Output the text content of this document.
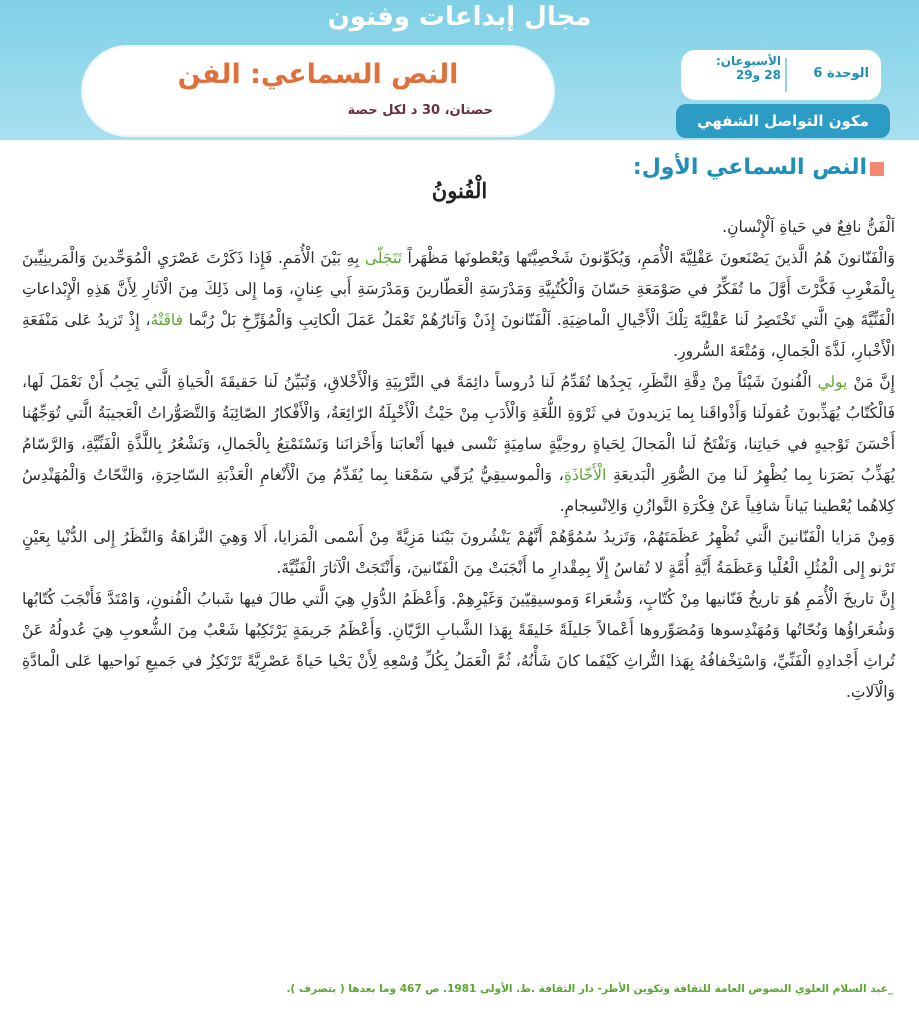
مجال إبداعات وفنون
النص السماعي: الفن
حصتان، 30 د لكل حصة
الوحدة 6
الأسبوعان:
28 و29
مكون التواصل الشفهي
النص السماعي الأول:
الْفُنونُ

اَلْفَنُّ نافِعٌ في حَياةِ اَلْإِنْسانِ.

وَالْفَنّانونَ هُمُ الَّذينَ يَصْنَعونَ عَقْلِيَّةَ الْأُمَمِ، وَيُكَوِّنونَ شَخْصِيَّتَها وَيُعْطونَها مَظْهَراً تَتَجَلّى بِهِ بَيْنَ الْأُمَمِ. فَإِذا ذَكَرْتَ عَصْرَيِ الْمُوَحِّدينَ وَالْمَرينِيِّينَ بِالْمَغْرِبِ فَكَّرْتَ أَوَّلَ ما تُفَكِّرُ في صَوْمَعَةِ حَسّانَ وَالْكُتُبِيَّةِ وَمَدْرَسَةِ الْعَطّارينَ وَمَدْرَسَةِ أَبي عِنانٍ، وَما إِلى ذَلِكَ مِنَ الْآثارِ لِأَنَّ هَذِهِ الْإِبْداعاتِ الْفَنِّيَّةَ هِيَ الَّتي تَخْتَصِرُ لَنا عَقْلِيَّةَ تِلْكَ الْأَجْيالِ الْماضِيَةِ. اَلْفَنّانونَ إِذَنْ وَآثارُهُمْ تَعْمَلُ عَمَلَ الْكاتِبِ وَالْمُؤَرِّخِ بَلْ رُبَّما فاقَتْهُ، إِذْ تَزيدُ عَلى مَنْفَعَةِ الْأَخْبارِ، لَذَّةَ الْجَمالِ، وَمُتْعَةَ السُّرورِ.

إِنَّ مَنْ يولي الْفُنونَ شَيْئاً مِنْ دِقَّةِ النَّظَرِ، يَجِدُها تُقَدِّمُ لَنا دُروساً دائِمَةً في التَّرْبِيَةِ وَالْأَخْلاقِ، وَتُبَيِّنُ لَنا حَقيقَةَ الْحَياةِ الَّتي يَجِبُ أَنْ نَعْمَلَ لَها، فَالْكُتّابُ يُهَذِّبونَ عُقولَنا وَأَذْواقَنا بِما يَزيدونَ في ثَرْوَةِ اللُّغَةِ وَالْأَدَبِ مِنْ حَيْثُ الْأَخْيِلَةُ الرّائِعَةُ، وَالْأَفْكارُ الصّائِبَةُ وَالتَّصَوُّراتُ الْعَجيبَةُ الَّتي تُوَجِّهُنا أَحْسَنَ تَوْجيهٍ في حَياتِنا، وَتَفْتَحُ لَنا الْمَجالَ لِحَياةٍ روحِيَّةٍ سامِيَةٍ نَنْسى فيها أَتْعابَنا وَأَحْزانَنا وَنَسْتَمْتِعُ بِالْجَمالِ، وَنَشْعُرُ بِاللَّذَّةِ الْفَنِّيَّةِ، وَالرَّسّامُ يُهَذِّبُ بَصَرَنا بِما يُظْهِرُ لَنا مِنَ الصُّوَرِ الْبَديعَةِ الْأَخّاذَةِ، وَالْموسيقِيُّ يُرَقّي سَمْعَنا بِما يُقَدِّمُ مِنَ الْأَنْغامِ الْعَذْبَةِ السّاحِرَةِ، وَالنَّحّاتُ وَالْمُهَنْدِسُ كِلاهُما يُعْطينا بَياناً شافِياً عَنْ فِكْرَةِ التَّوازُنِ وَالِانْسِجامِ.

وَمِنْ مَزايا الْفَنّانينَ الَّتي تُظْهِرُ عَظَمَتَهُمْ، وَتَزيدُ سُمُوَّهُمْ أَنَّهُمْ يَنْشُرونَ بَيْنَنا مَزِيَّةً مِنْ أَسْمى الْمَزايا، أَلا وَهِيَ النَّزاهَةُ وَالنَّظَرُ إِلى الدُّنْيا بِعَيْنٍ تَرْنو إِلى الْمُثُلِ الْعُلْيا وَعَظَمَةُ أَيَّةِ أُمَّةٍ لا تُقاسُ إِلّا بِمِقْدارِ ما أَنْجَبَتْ مِنَ الْفَنّانينَ، وَأَنْتَجَتْ الْآثارَ الْفَنِّيَّةَ.

إِنَّ تاريخَ الْأُمَمِ هُوَ تاريخُ فَنّانيها مِنْ كُتّابٍ، وَشُعَراءَ وَموسيقِيّينَ وَغَيْرِهِمْ. وَأَعْظَمُ الدُّوَلِ هِيَ الَّتي طالَ فيها شَبابُ الْفُنونِ، وَامْتَدَّ فَأَنْجَبَ كُتّابُها وَشُعَراؤُها وَنُحّاتُها وَمُهَنْدِسوها وَمُصَوِّروها أَعْمالاً جَليلَةً خَليقَةً بِهَذا الشَّبابِ الرَّيّانِ. وَأَعْظَمُ جَريمَةٍ يَرْتَكِبُها شَعْبٌ مِنَ الشُّعوبِ هِيَ عُدولُهُ عَنْ تُراثِ أَجْدادِهِ الْفَنِّيِّ، وَاسْتِخْفافُهُ بِهَذا التُّراثِ كَيْفَما كانَ شَأْنُهُ، ثُمَّ الْعَمَلُ بِكُلِّ وُسْعِهِ لِأَنْ يَحْيا حَياةً عَصْرِيَّةً تَرْتَكِزُ في جَميعِ نَواحيها عَلى الْمادَّةِ وَالْآلاتِ.

_عبد السلام العلوي النصوص العامة للثقافة وتكوين الأطر- دار الثقافة .ط. الأولى 1981. ص 467 وما بعدها ( بتصرف ).
